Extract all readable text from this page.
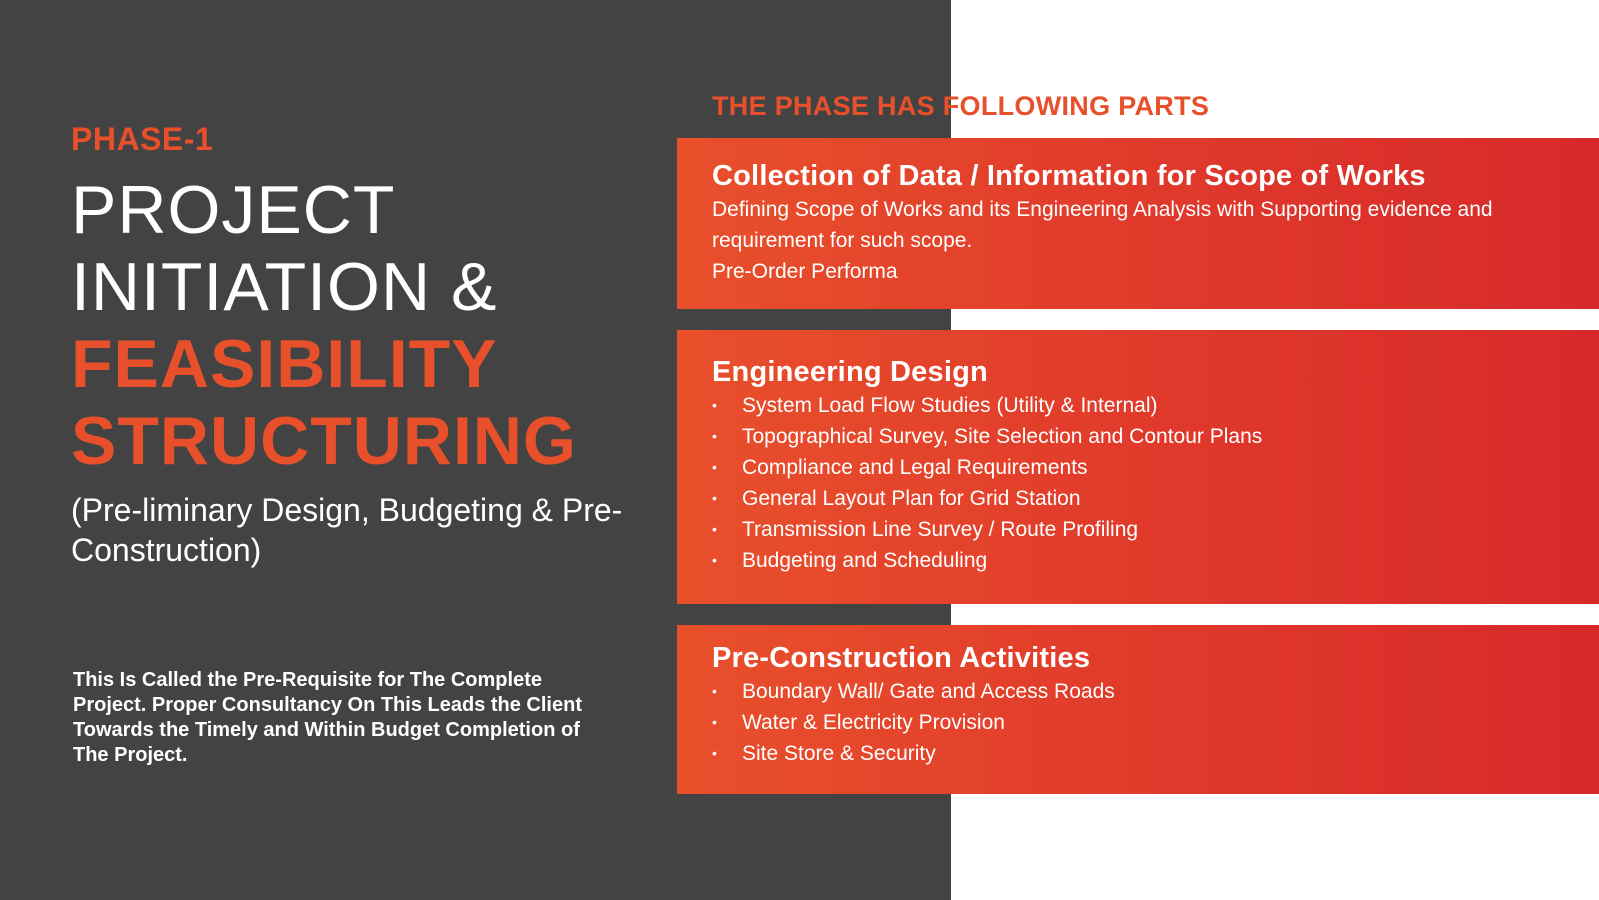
PHASE-1
PROJECT
INITIATION &
FEASIBILITY
STRUCTURING
(Pre-liminary Design, Budgeting & Pre-Construction)
This Is Called the Pre-Requisite for The Complete Project. Proper Consultancy On This Leads the Client Towards the Timely and Within Budget Completion of The Project.
THE PHASE HAS FOLLOWING PARTS
Collection of Data / Information for Scope of Works
Defining Scope of Works and its Engineering Analysis with Supporting evidence and requirement for such scope.
Pre-Order Performa
Engineering Design
• System Load Flow Studies (Utility & Internal)
• Topographical Survey, Site Selection and Contour Plans
• Compliance and Legal Requirements
• General Layout Plan for Grid Station
• Transmission Line Survey / Route Profiling
• Budgeting and Scheduling
Pre-Construction Activities
• Boundary Wall/ Gate and Access Roads
• Water & Electricity Provision
• Site Store & Security
